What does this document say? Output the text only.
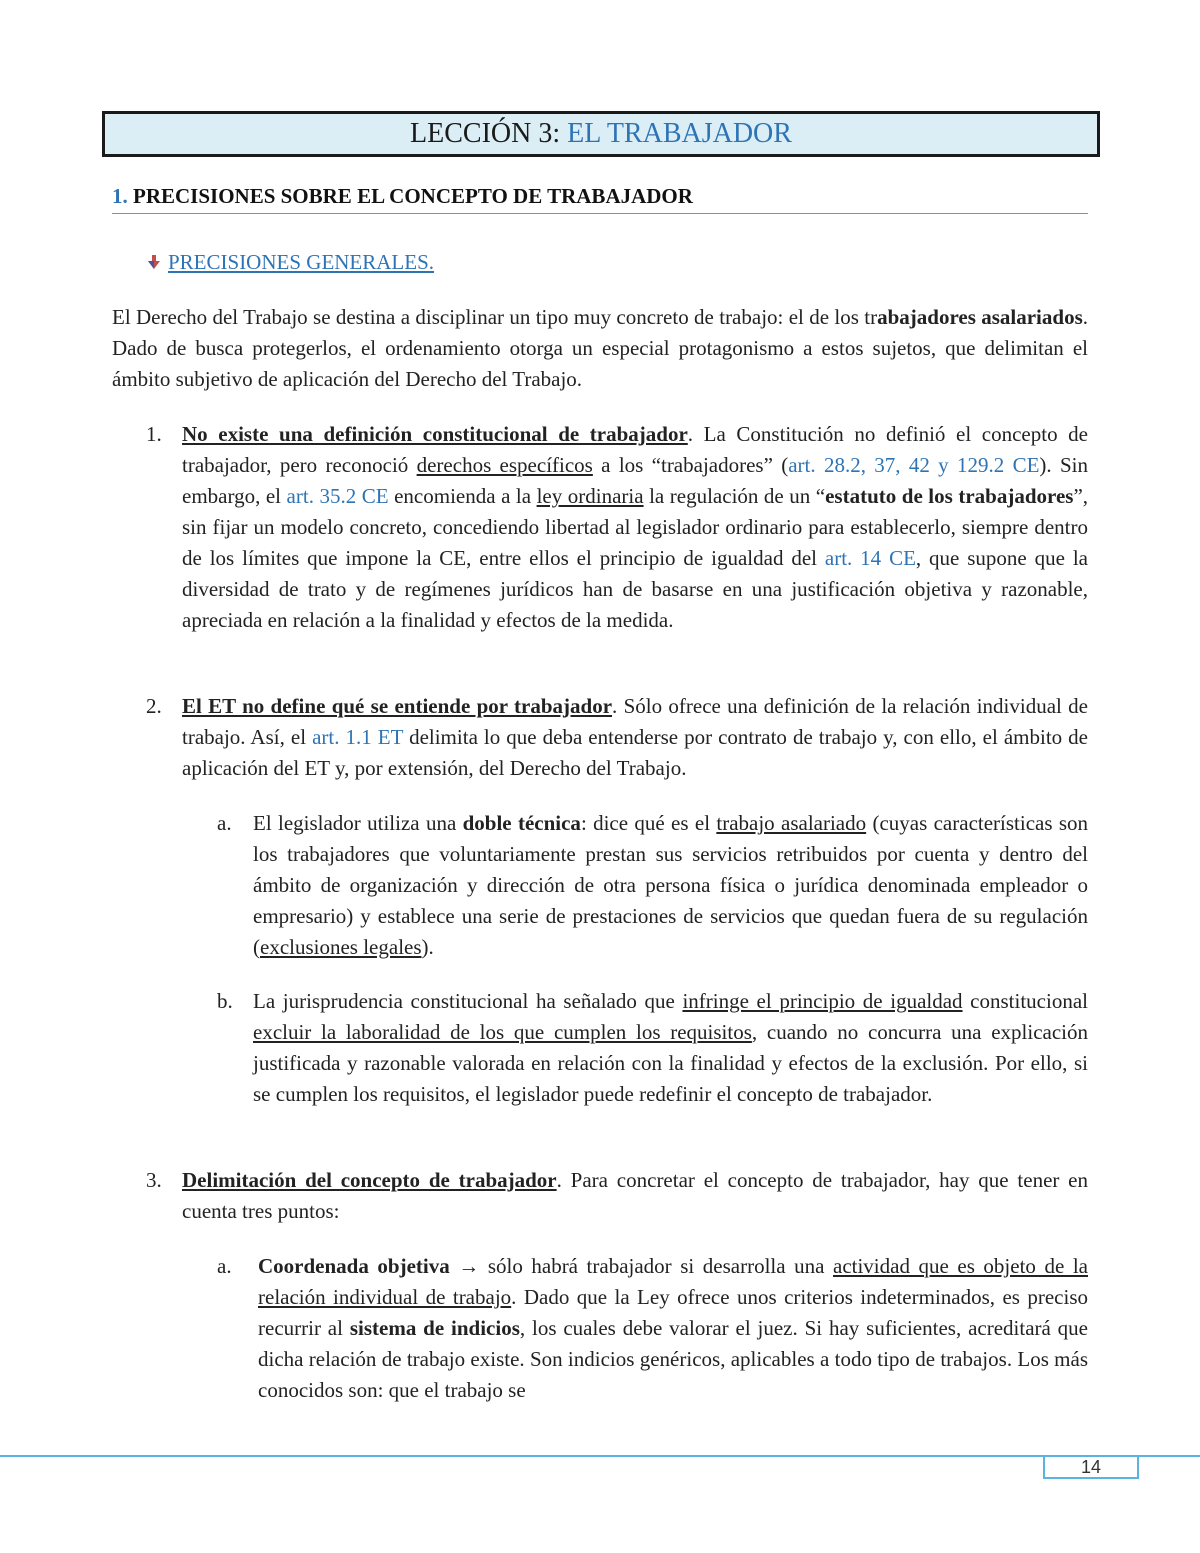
LECCIÓN 3: EL TRABAJADOR
1. PRECISIONES SOBRE EL CONCEPTO DE TRABAJADOR
PRECISIONES GENERALES.
El Derecho del Trabajo se destina a disciplinar un tipo muy concreto de trabajo: el de los trabajadores asalariados. Dado de busca protegerlos, el ordenamiento otorga un especial protagonismo a estos sujetos, que delimitan el ámbito subjetivo de aplicación del Derecho del Trabajo.
1. No existe una definición constitucional de trabajador. La Constitución no definió el concepto de trabajador, pero reconoció derechos específicos a los “trabajadores” (art. 28.2, 37, 42 y 129.2 CE). Sin embargo, el art. 35.2 CE encomienda a la ley ordinaria la regulación de un “estatuto de los trabajadores”, sin fijar un modelo concreto, concediendo libertad al legislador ordinario para establecerlo, siempre dentro de los límites que impone la CE, entre ellos el principio de igualdad del art. 14 CE, que supone que la diversidad de trato y de regímenes jurídicos han de basarse en una justificación objetiva y razonable, apreciada en relación a la finalidad y efectos de la medida.
2. El ET no define qué se entiende por trabajador. Sólo ofrece una definición de la relación individual de trabajo. Así, el art. 1.1 ET delimita lo que deba entenderse por contrato de trabajo y, con ello, el ámbito de aplicación del ET y, por extensión, del Derecho del Trabajo.
a. El legislador utiliza una doble técnica: dice qué es el trabajo asalariado (cuyas características son los trabajadores que voluntariamente prestan sus servicios retribuidos por cuenta y dentro del ámbito de organización y dirección de otra persona física o jurídica denominada empleador o empresario) y establece una serie de prestaciones de servicios que quedan fuera de su regulación (exclusiones legales).
b. La jurisprudencia constitucional ha señalado que infringe el principio de igualdad constitucional excluir la laboralidad de los que cumplen los requisitos, cuando no concurra una explicación justificada y razonable valorada en relación con la finalidad y efectos de la exclusión. Por ello, si se cumplen los requisitos, el legislador puede redefinir el concepto de trabajador.
3. Delimitación del concepto de trabajador. Para concretar el concepto de trabajador, hay que tener en cuenta tres puntos:
a. Coordenada objetiva → sólo habrá trabajador si desarrolla una actividad que es objeto de la relación individual de trabajo. Dado que la Ley ofrece unos criterios indeterminados, es preciso recurrir al sistema de indicios, los cuales debe valorar el juez. Si hay suficientes, acreditará que dicha relación de trabajo existe. Son indicios genéricos, aplicables a todo tipo de trabajos. Los más conocidos son: que el trabajo se
14
